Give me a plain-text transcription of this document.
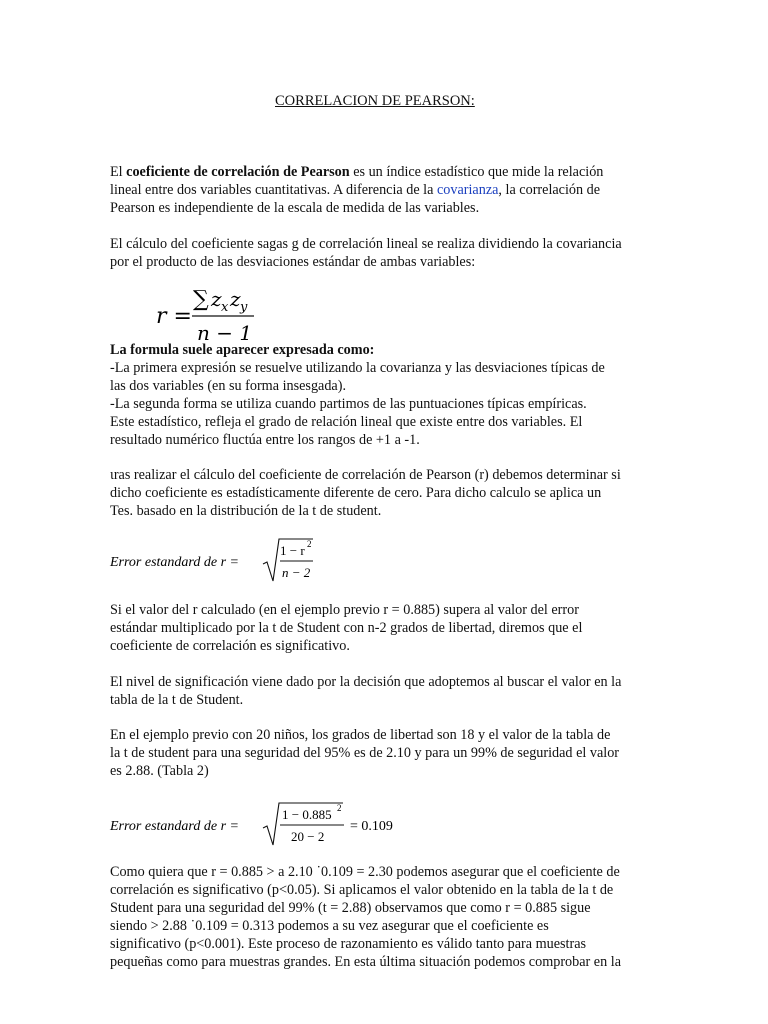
CORRELACION DE PEARSON:
El coeficiente de correlación de Pearson es un índice estadístico que mide la relación
lineal entre dos variables cuantitativas. A diferencia de la covarianza, la correlación de
Pearson es independiente de la escala de medida de las variables.
El cálculo del coeficiente sagas g de correlación lineal se realiza dividiendo la covariancia
por el producto de las desviaciones estándar de ambas variables:
r =
∑ z x z y
n − 1
La formula suele aparecer expresada como:
-La primera expresión se resuelve utilizando la covarianza y las desviaciones típicas de
las dos variables (en su forma insesgada).
-La segunda forma se utiliza cuando partimos de las puntuaciones típicas empíricas.
Este estadístico, refleja el grado de relación lineal que existe entre dos variables. El
resultado numérico fluctúa entre los rangos de +1 a -1.
ιras realizar el cálculo del coeficiente de correlación de Pearson (r) debemos determinar si
dicho coeficiente es estadísticamente diferente de cero. Para dicho calculo se aplica un
Tes. basado en la distribución de la t de student.
Error estandard de r =
1 − r 2
n − 2
Si el valor del r calculado (en el ejemplo previo r = 0.885) supera al valor del error
estándar multiplicado por la t de Student con n-2 grados de libertad, diremos que el
coeficiente de correlación es significativo.
El nivel de significación viene dado por la decisión que adoptemos al buscar el valor en la
tabla de la t de Student.
En el ejemplo previo con 20 niños, los grados de libertad son 18 y el valor de la tabla de
la t de student para una seguridad del 95% es de 2.10 y para un 99% de seguridad el valor
es 2.88. (Tabla 2)
Error estandard de r =
1 − 0.885 2
20 − 2
= 0.109
Como quiera que r = 0.885 > a 2.10 ˙0.109 = 2.30 podemos asegurar que el coeficiente de
correlación es significativo (p<0.05). Si aplicamos el valor obtenido en la tabla de la t de
Student para una seguridad del 99% (t = 2.88) observamos que como r = 0.885 sigue
siendo > 2.88 ˙0.109 = 0.313 podemos a su vez asegurar que el coeficiente es
significativo (p<0.001). Este proceso de razonamiento es válido tanto para muestras
pequeñas como para muestras grandes. En esta última situación podemos comprobar en la
